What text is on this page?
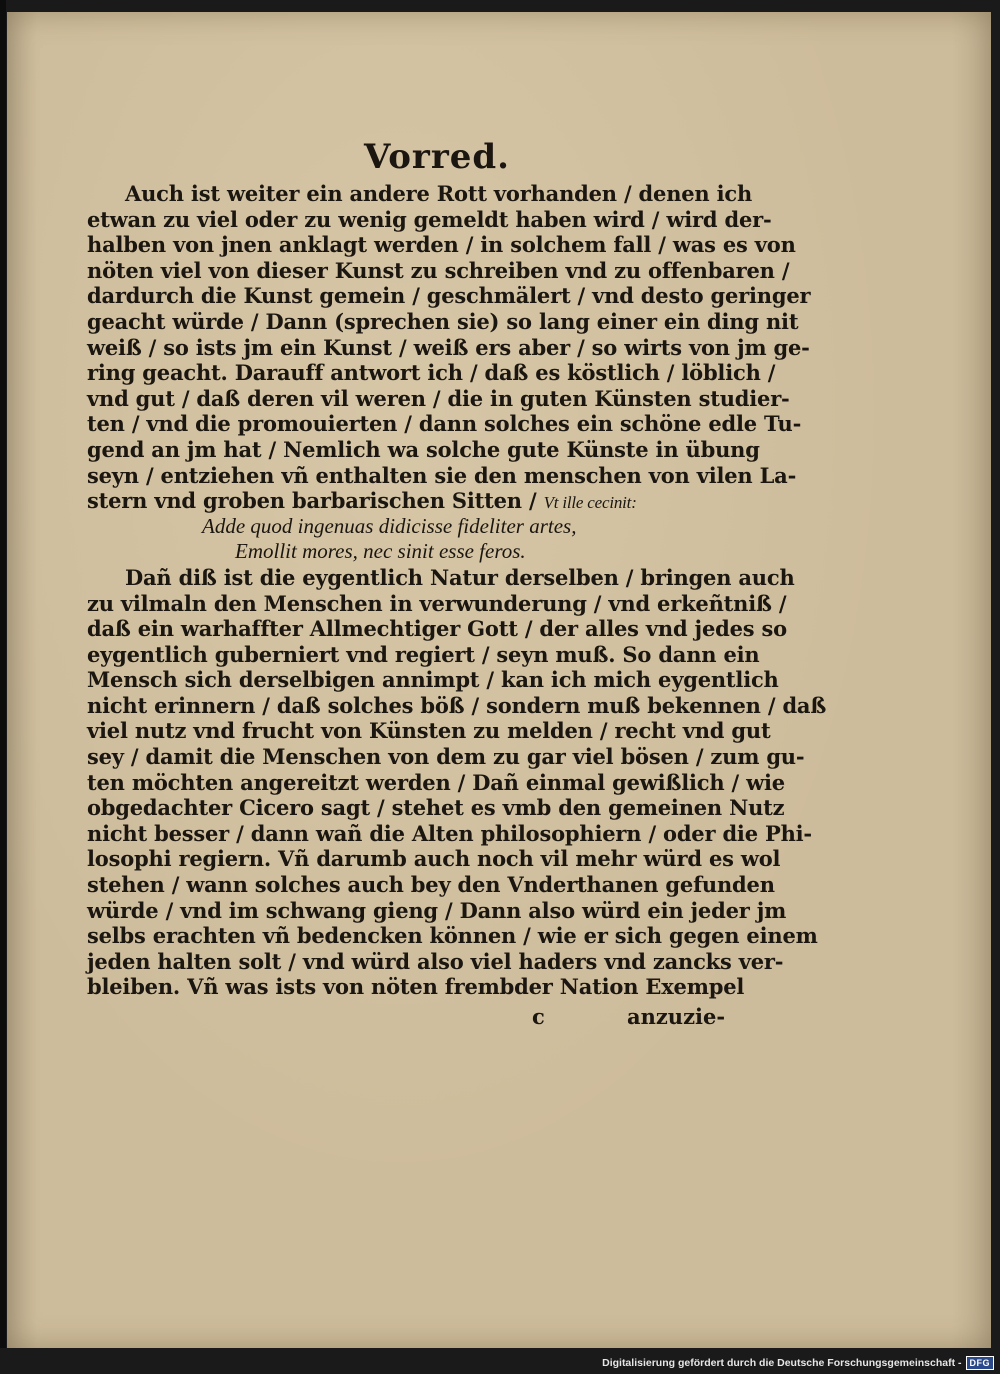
Vorred.
Auch ist weiter ein andere Rott vorhanden / denen ich
etwan zu viel oder zu wenig gemeldt haben wird / wird der-
halben von jnen anklagt werden / in solchem fall / was es von
nöten viel von dieser Kunst zu schreiben vnd zu offenbaren /
dardurch die Kunst gemein / geschmälert / vnd desto geringer
geacht würde / Dann (sprechen sie) so lang einer ein ding nit
weiß / so ists jm ein Kunst / weiß ers aber / so wirts von jm ge-
ring geacht. Darauff antwort ich / daß es köstlich / löblich /
vnd gut / daß deren vil weren / die in guten Künsten studier-
ten / vnd die promouierten / dann solches ein schöne edle Tu-
gend an jm hat / Nemlich wa solche gute Künste in übung
seyn / entziehen vñ enthalten sie den menschen von vilen La-
stern vnd groben barbarischen Sitten / Vt ille cecinit:
Adde quod ingenuas didicisse fideliter artes,
Emollit mores, nec sinit esse feros.
Dañ diß ist die eygentlich Natur derselben / bringen auch
zu vilmaln den Menschen in verwunderung / vnd erkeñtniß /
daß ein warhaffter Allmechtiger Gott / der alles vnd jedes so
eygentlich guberniert vnd regiert / seyn muß. So dann ein
Mensch sich derselbigen annimpt / kan ich mich eygentlich
nicht erinnern / daß solches böß / sondern muß bekennen / daß
viel nutz vnd frucht von Künsten zu melden / recht vnd gut
sey / damit die Menschen von dem zu gar viel bösen / zum gu-
ten möchten angereitzt werden / Dañ einmal gewißlich / wie
obgedachter Cicero sagt / stehet es vmb den gemeinen Nutz
nicht besser / dann wañ die Alten philosophiern / oder die Phi-
losophi regiern. Vñ darumb auch noch vil mehr würd es wol
stehen / wann solches auch bey den Vnderthanen gefunden
würde / vnd im schwang gieng / Dann also würd ein jeder jm
selbs erachten vñ bedencken können / wie er sich gegen einem
jeden halten solt / vnd würd also viel haders vnd zancks ver-
bleiben. Vñ was ists von nöten frembder Nation Exempel
c	anzuzie-
Digitalisierung gefördert durch die Deutsche Forschungsgemeinschaft - DFG
